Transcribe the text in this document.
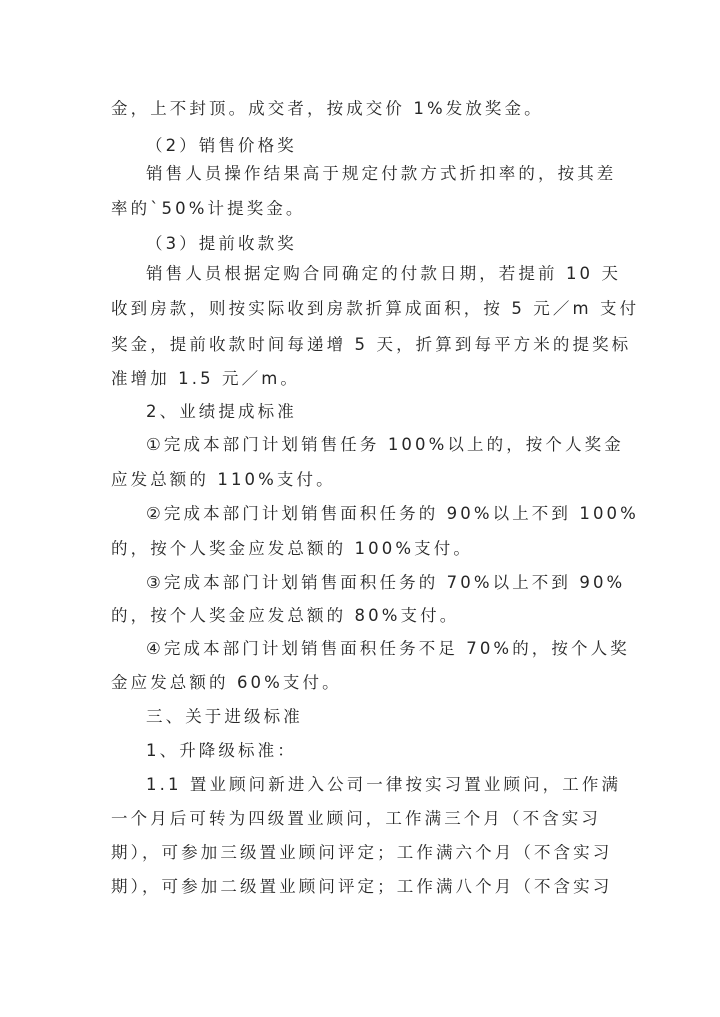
金，上不封顶。成交者，按成交价 1%发放奖金。
（2）销售价格奖
销售人员操作结果高于规定付款方式折扣率的，按其差
率的`50%计提奖金。
（3）提前收款奖
销售人员根据定购合同确定的付款日期，若提前 10 天
收到房款，则按实际收到房款折算成面积，按 5 元／m 支付
奖金，提前收款时间每递增 5 天，折算到每平方米的提奖标
准增加 1.5 元／m。
2、业绩提成标准
①完成本部门计划销售任务 100%以上的，按个人奖金
应发总额的 110%支付。
②完成本部门计划销售面积任务的 90%以上不到 100%
的，按个人奖金应发总额的 100%支付。
③完成本部门计划销售面积任务的 70%以上不到 90%
的，按个人奖金应发总额的 80%支付。
④完成本部门计划销售面积任务不足 70%的，按个人奖
金应发总额的 60%支付。
三、关于进级标准
1、升降级标准：
1.1 置业顾问新进入公司一律按实习置业顾问，工作满
一个月后可转为四级置业顾问，工作满三个月（不含实习
期），可参加三级置业顾问评定；工作满六个月（不含实习
期），可参加二级置业顾问评定；工作满八个月（不含实习
